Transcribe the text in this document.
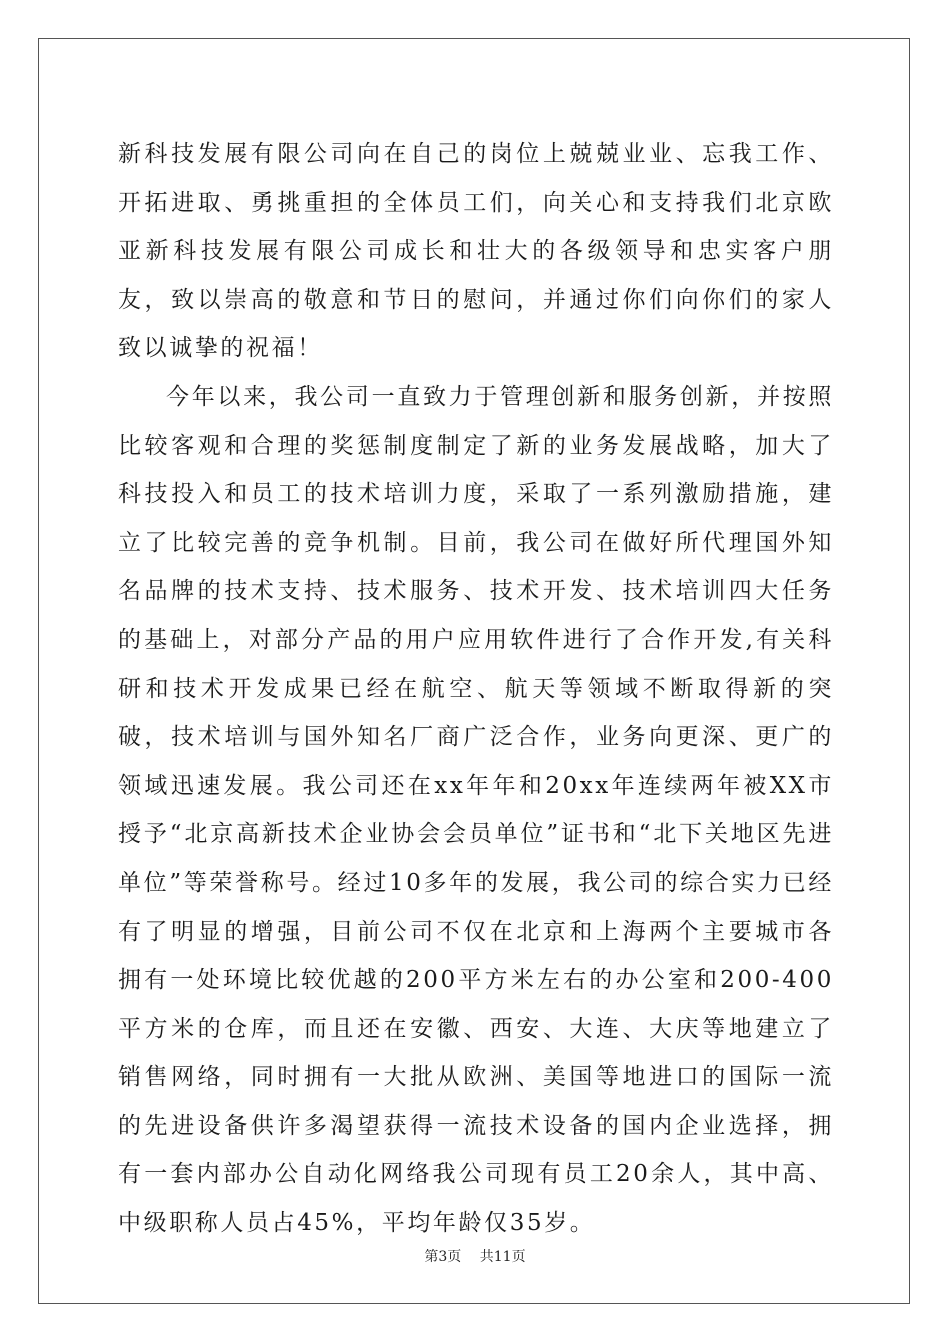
新科技发展有限公司向在自己的岗位上兢兢业业、忘我工作、开拓进取、勇挑重担的全体员工们，向关心和支持我们北京欧亚新科技发展有限公司成长和壮大的各级领导和忠实客户朋友，致以崇高的敬意和节日的慰问，并通过你们向你们的家人致以诚挚的祝福！

今年以来，我公司一直致力于管理创新和服务创新，并按照比较客观和合理的奖惩制度制定了新的业务发展战略，加大了科技投入和员工的技术培训力度，采取了一系列激励措施，建立了比较完善的竞争机制。目前，我公司在做好所代理国外知名品牌的技术支持、技术服务、技术开发、技术培训四大任务的基础上，对部分产品的用户应用软件进行了合作开发,有关科研和技术开发成果已经在航空、航天等领域不断取得新的突破，技术培训与国外知名厂商广泛合作，业务向更深、更广的领域迅速发展。我公司还在xx年年和20xx年连续两年被XX市授予“北京高新技术企业协会会员单位”证书和“北下关地区先进单位”等荣誉称号。经过10多年的发展，我公司的综合实力已经有了明显的增强，目前公司不仅在北京和上海两个主要城市各拥有一处环境比较优越的200平方米左右的办公室和200-400平方米的仓库，而且还在安徽、西安、大连、大庆等地建立了销售网络，同时拥有一大批从欧洲、美国等地进口的国际一流的先进设备供许多渴望获得一流技术设备的国内企业选择，拥有一套内部办公自动化网络我公司现有员工20余人，其中高、中级职称人员占45%，平均年龄仅35岁。

第3页 共11页
